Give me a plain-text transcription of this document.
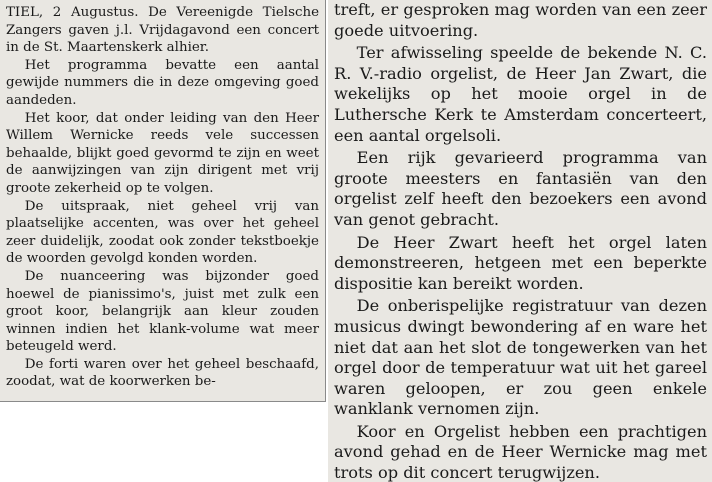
TIEL, 2 Augustus. De Vereenigde Tielsche Zangers gaven j.l. Vrijdagavond een concert in de St. Maartenskerk alhier.

Het programma bevatte een aantal gewijde nummers die in deze omgeving goed aandeden.

Het koor, dat onder leiding van den Heer Willem Wernicke reeds vele successen behaalde, blijkt goed gevormd te zijn en weet de aanwijzingen van zijn dirigent met vrij groote zekerheid op te volgen.

De uitspraak, niet geheel vrij van plaatselijke accenten, was over het geheel zeer duidelijk, zoodat ook zonder tekstboekje de woorden gevolgd konden worden.

De nuanceering was bijzonder goed hoewel de pianissimo's, juist met zulk een groot koor, belangrijk aan kleur zouden winnen indien het klank-volume wat meer beteugeld werd.

De forti waren over het geheel beschaafd, zoodat, wat de koorwerken be-

treft, er gesproken mag worden van een zeer goede uitvoering.

Ter afwisseling speelde de bekende N. C. R. V.-radio orgelist, de Heer Jan Zwart, die wekelijks op het mooie orgel in de Luthersche Kerk te Amsterdam concerteert, een aantal orgelsoli.

Een rijk gevarieerd programma van groote meesters en fantasiën van den orgelist zelf heeft den bezoekers een avond van genot gebracht.

De Heer Zwart heeft het orgel laten demonstreeren, hetgeen met een beperkte dispositie kan bereikt worden.

De onberispelijke registratuur van dezen musicus dwingt bewondering af en ware het niet dat aan het slot de tongewerken van het orgel door de temperatuur wat uit het gareel waren geloopen, er zou geen enkele wanklank vernomen zijn.

Koor en Orgelist hebben een prachtigen avond gehad en de Heer Wernicke mag met trots op dit concert terugwijzen.
